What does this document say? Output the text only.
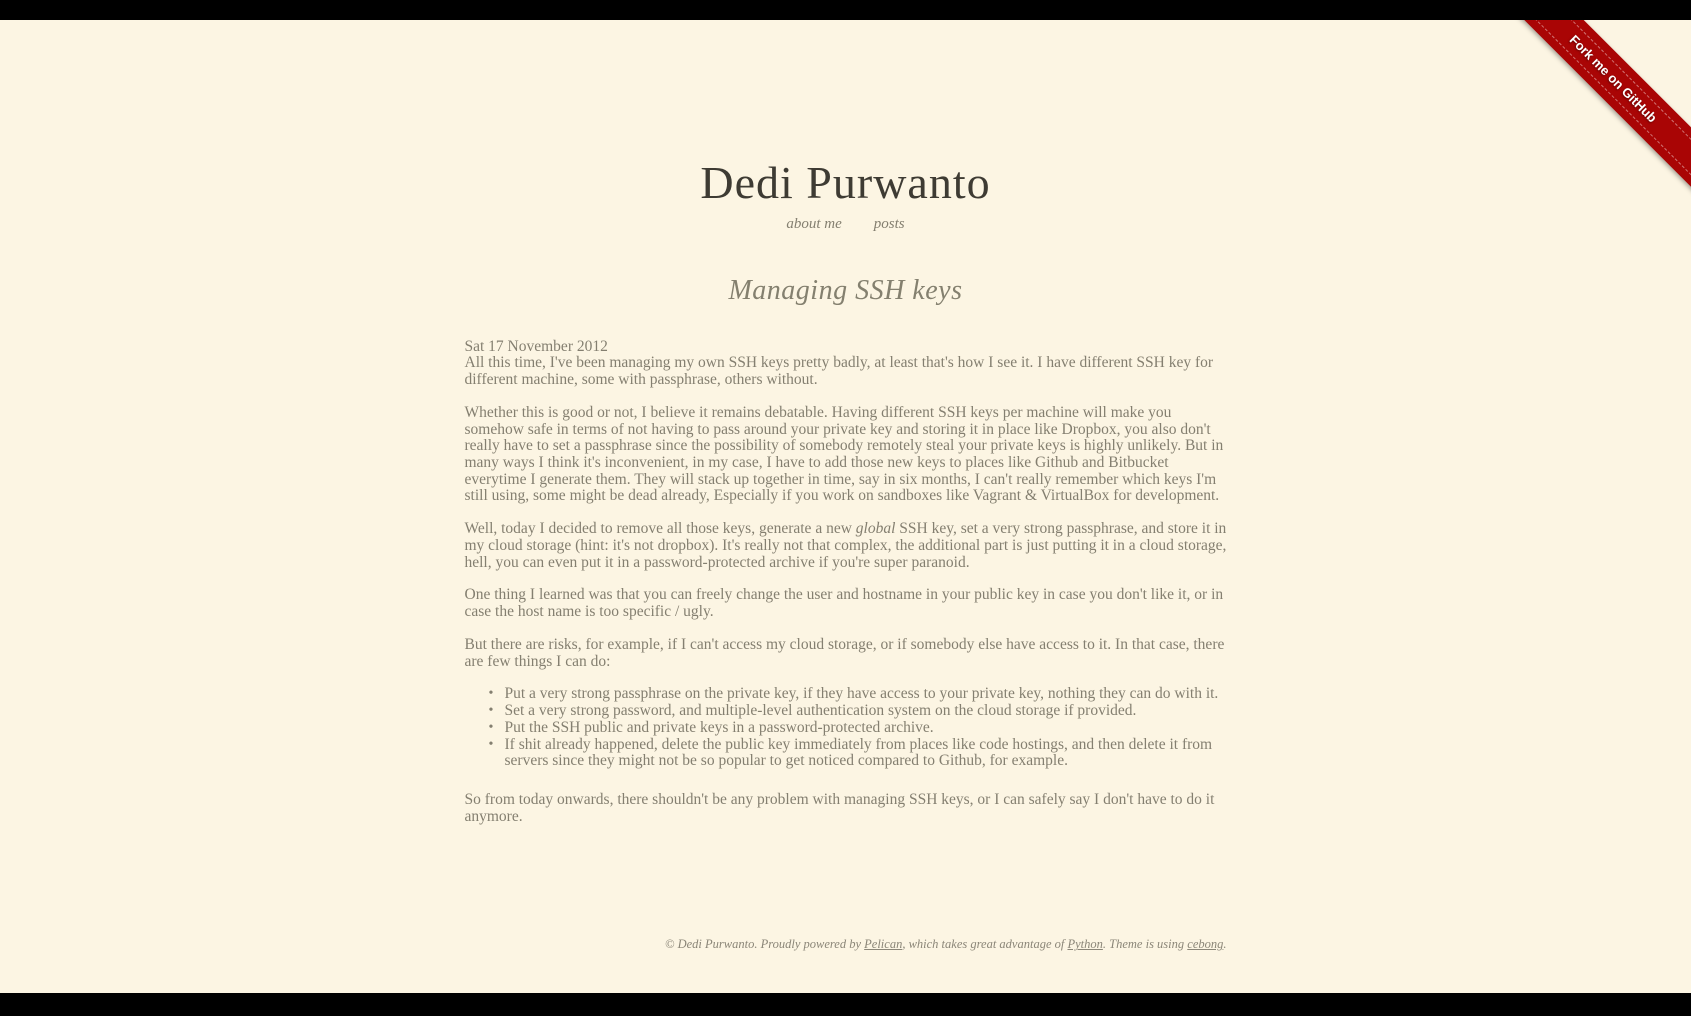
Fork me on GitHub
Dedi Purwanto
about me posts
Managing SSH keys

Sat 17 November 2012

All this time, I've been managing my own SSH keys pretty badly, at least that's how I see it. I have different SSH key for different machine, some with passphrase, others without.

Whether this is good or not, I believe it remains debatable. Having different SSH keys per machine will make you somehow safe in terms of not having to pass around your private key and storing it in place like Dropbox, you also don't really have to set a passphrase since the possibility of somebody remotely steal your private keys is highly unlikely. But in many ways I think it's inconvenient, in my case, I have to add those new keys to places like Github and Bitbucket everytime I generate them. They will stack up together in time, say in six months, I can't really remember which keys I'm still using, some might be dead already, Especially if you work on sandboxes like Vagrant & VirtualBox for development.

Well, today I decided to remove all those keys, generate a new global SSH key, set a very strong passphrase, and store it in my cloud storage (hint: it's not dropbox). It's really not that complex, the additional part is just putting it in a cloud storage, hell, you can even put it in a password-protected archive if you're super paranoid.

One thing I learned was that you can freely change the user and hostname in your public key in case you don't like it, or in case the host name is too specific / ugly.

But there are risks, for example, if I can't access my cloud storage, or if somebody else have access to it. In that case, there are few things I can do:

• Put a very strong passphrase on the private key, if they have access to your private key, nothing they can do with it.
• Set a very strong password, and multiple-level authentication system on the cloud storage if provided.
• Put the SSH public and private keys in a password-protected archive.
• If shit already happened, delete the public key immediately from places like code hostings, and then delete it from servers since they might not be so popular to get noticed compared to Github, for example.

So from today onwards, there shouldn't be any problem with managing SSH keys, or I can safely say I don't have to do it anymore.

© Dedi Purwanto. Proudly powered by Pelican, which takes great advantage of Python. Theme is using cebong.
